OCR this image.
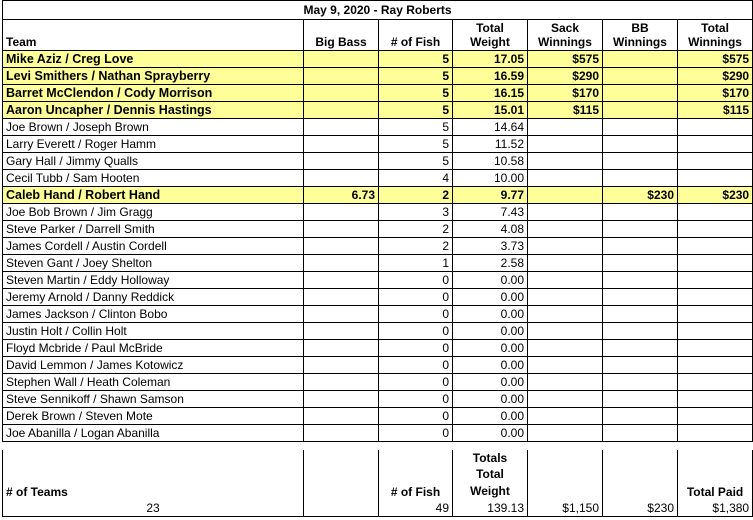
May 9, 2020 - Ray Roberts						
Team	Big Bass	# of Fish	Total Weight	Sack Winnings	BB Winnings	Total Winnings
Mike Aziz / Creg Love		5	17.05	$575		$575
Levi Smithers / Nathan Sprayberry		5	16.59	$290		$290
Barret McClendon / Cody Morrison		5	16.15	$170		$170
Aaron Uncapher / Dennis Hastings		5	15.01	$115		$115
Joe Brown / Joseph Brown		5	14.64			
Larry Everett / Roger Hamm		5	11.52			
Gary Hall / Jimmy Qualls		5	10.58			
Cecil Tubb / Sam Hooten		4	10.00			
Caleb Hand / Robert Hand	6.73	2	9.77		$230	$230
Joe Bob Brown / Jim Gragg		3	7.43			
Steve Parker / Darrell Smith		2	4.08			
James Cordell / Austin Cordell		2	3.73			
Steven Gant / Joey Shelton		1	2.58			
Steven Martin / Eddy Holloway		0	0.00			
Jeremy Arnold / Danny Reddick		0	0.00			
James Jackson / Clinton Bobo		0	0.00			
Justin Holt / Collin Holt		0	0.00			
Floyd Mcbride / Paul McBride		0	0.00			
David Lemmon / James Kotowicz		0	0.00			
Stephen Wall / Heath Coleman		0	0.00			
Steve Sennikoff / Shawn Samson		0	0.00			
Derek Brown / Steven Mote		0	0.00			
Joe Abanilla / Logan Abanilla		0	0.00			

			Totals			
# of Teams		# of Fish	Total Weight			Total Paid
23		49	139.13	$1,150	$230	$1,380
